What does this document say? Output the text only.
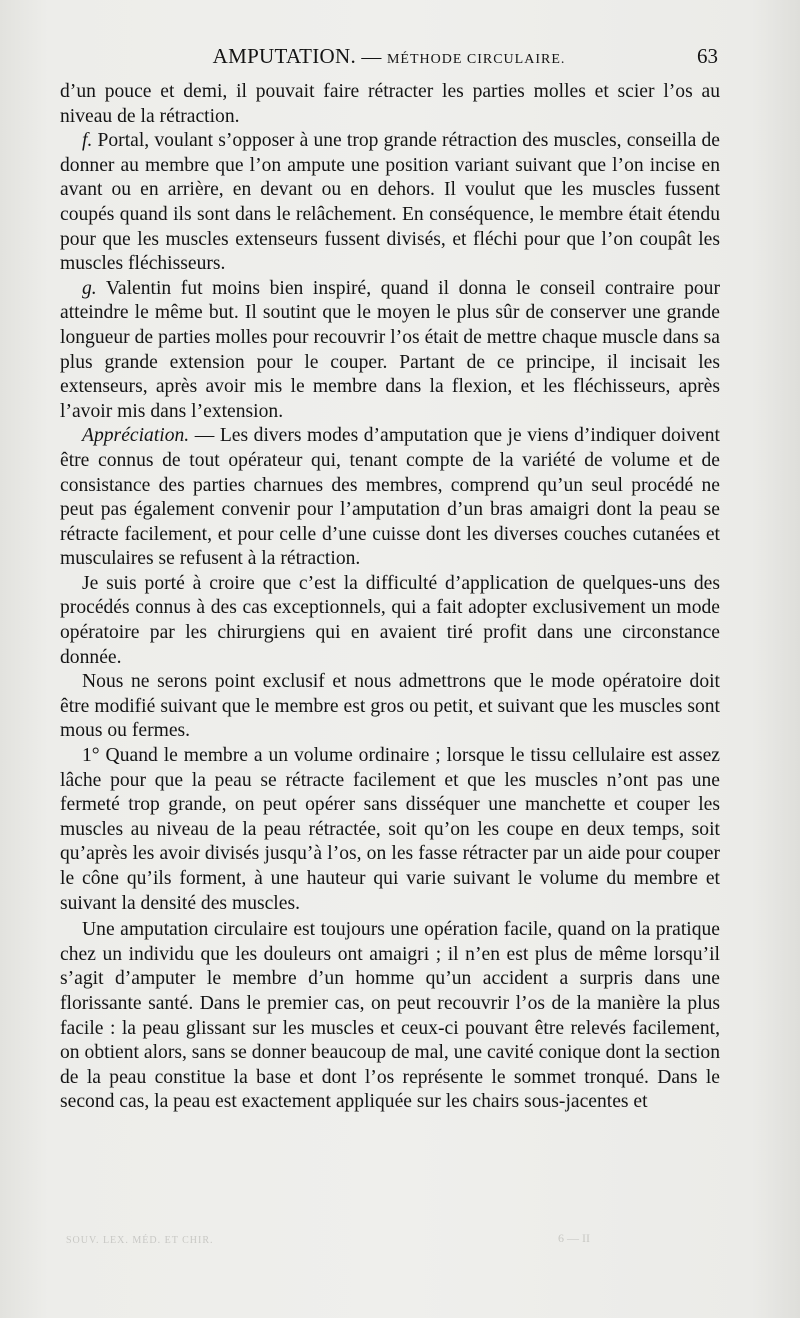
AMPUTATION. — MÉTHODE CIRCULAIRE.	63

d’un pouce et demi, il pouvait faire rétracter les parties molles et scier l’os au niveau de la rétraction.

f. Portal, voulant s’opposer à une trop grande rétraction des muscles, conseilla de donner au membre que l’on ampute une position variant suivant que l’on incise en avant ou en arrière, en devant ou en dehors. Il voulut que les muscles fussent coupés quand ils sont dans le relâchement. En conséquence, le membre était étendu pour que les muscles extenseurs fussent divisés, et fléchi pour que l’on coupât les muscles fléchisseurs.

g. Valentin fut moins bien inspiré, quand il donna le conseil contraire pour atteindre le même but. Il soutint que le moyen le plus sûr de conserver une grande longueur de parties molles pour recouvrir l’os était de mettre chaque muscle dans sa plus grande extension pour le couper. Partant de ce principe, il incisait les extenseurs, après avoir mis le membre dans la flexion, et les fléchisseurs, après l’avoir mis dans l’extension.

Appréciation. — Les divers modes d’amputation que je viens d’indiquer doivent être connus de tout opérateur qui, tenant compte de la variété de volume et de consistance des parties charnues des membres, comprend qu’un seul procédé ne peut pas également convenir pour l’amputation d’un bras amaigri dont la peau se rétracte facilement, et pour celle d’une cuisse dont les diverses couches cutanées et musculaires se refusent à la rétraction.

Je suis porté à croire que c’est la difficulté d’application de quelques-uns des procédés connus à des cas exceptionnels, qui a fait adopter exclusivement un mode opératoire par les chirurgiens qui en avaient tiré profit dans une circonstance donnée.

Nous ne serons point exclusif et nous admettrons que le mode opératoire doit être modifié suivant que le membre est gros ou petit, et suivant que les muscles sont mous ou fermes.

1° Quand le membre a un volume ordinaire ; lorsque le tissu cellulaire est assez lâche pour que la peau se rétracte facilement et que les muscles n’ont pas une fermeté trop grande, on peut opérer sans disséquer une manchette et couper les muscles au niveau de la peau rétractée, soit qu’on les coupe en deux temps, soit qu’après les avoir divisés jusqu’à l’os, on les fasse rétracter par un aide pour couper le cône qu’ils forment, à une hauteur qui varie suivant le volume du membre et suivant la densité des muscles.

Une amputation circulaire est toujours une opération facile, quand on la pratique chez un individu que les douleurs ont amaigri ; il n’en est plus de même lorsqu’il s’agit d’amputer le membre d’un homme qu’un accident a surpris dans une florissante santé. Dans le premier cas, on peut recouvrir l’os de la manière la plus facile : la peau glissant sur les muscles et ceux-ci pouvant être relevés facilement, on obtient alors, sans se donner beaucoup de mal, une cavité conique dont la section de la peau constitue la base et dont l’os représente le sommet tronqué. Dans le second cas, la peau est exactement appliquée sur les chairs sous-jacentes et

SOUV. LEX. MÉD. ET CHIR.	6 — II
